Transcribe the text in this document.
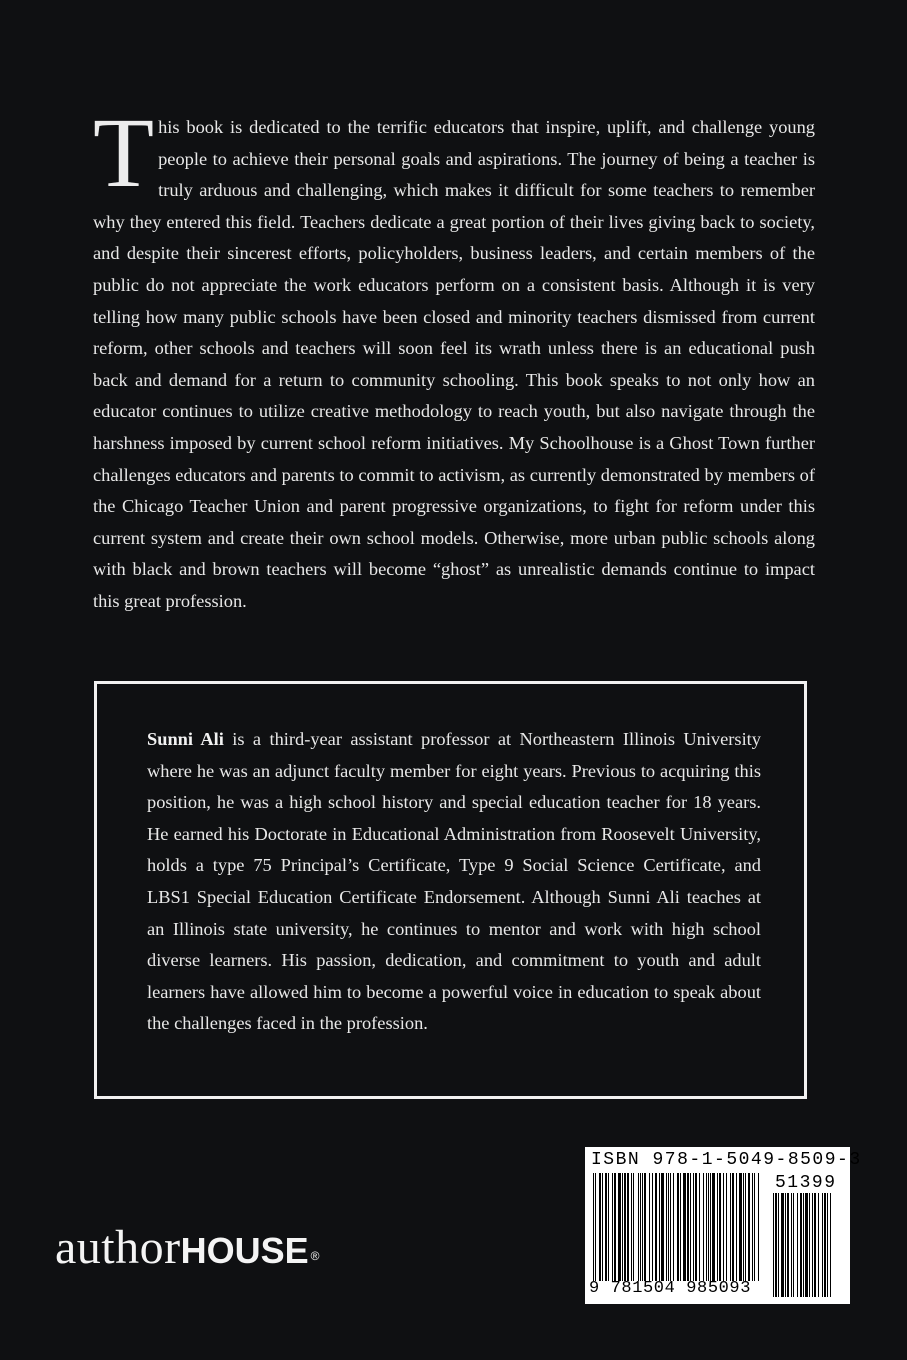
This book is dedicated to the terrific educators that inspire, uplift, and challenge young people to achieve their personal goals and aspirations. The journey of being a teacher is truly arduous and challenging, which makes it difficult for some teachers to remember why they entered this field. Teachers dedicate a great portion of their lives giving back to society, and despite their sincerest efforts, policyholders, business leaders, and certain members of the public do not appreciate the work educators perform on a consistent basis. Although it is very telling how many public schools have been closed and minority teachers dismissed from current reform, other schools and teachers will soon feel its wrath unless there is an educational push back and demand for a return to community schooling. This book speaks to not only how an educator continues to utilize creative methodology to reach youth, but also navigate through the harshness imposed by current school reform initiatives. My Schoolhouse is a Ghost Town further challenges educators and parents to commit to activism, as currently demonstrated by members of the Chicago Teacher Union and parent progressive organizations, to fight for reform under this current system and create their own school models. Otherwise, more urban public schools along with black and brown teachers will become “ghost” as unrealistic demands continue to impact this great profession.

Sunni Ali is a third-year assistant professor at Northeastern Illinois University where he was an adjunct faculty member for eight years. Previous to acquiring this position, he was a high school history and special education teacher for 18 years. He earned his Doctorate in Educational Administration from Roosevelt University, holds a type 75 Principal’s Certificate, Type 9 Social Science Certificate, and LBS1 Special Education Certificate Endorsement. Although Sunni Ali teaches at an Illinois state university, he continues to mentor and work with high school diverse learners. His passion, dedication, and commitment to youth and adult learners have allowed him to become a powerful voice in education to speak about the challenges faced in the profession.

authorHOUSE ®
ISBN 978-1-5049-8509-3
51399
9 781504 985093
